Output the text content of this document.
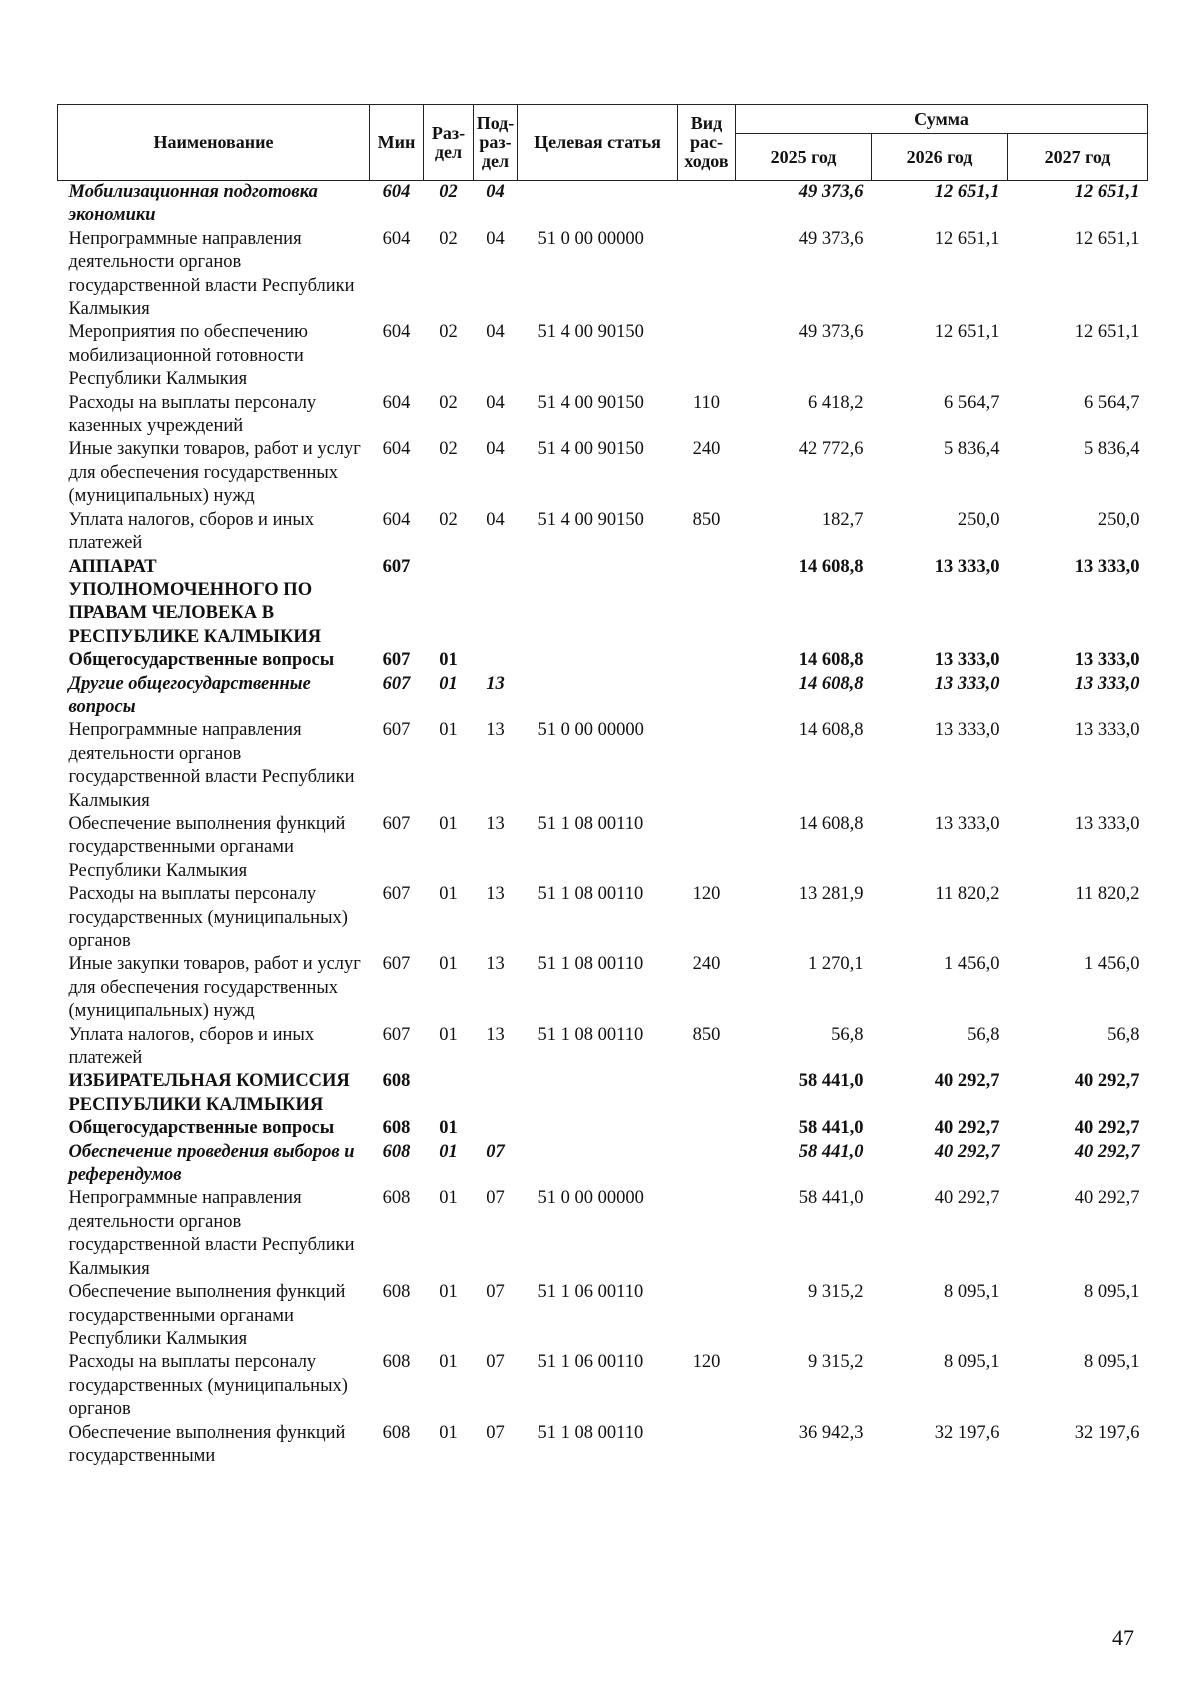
Наименование	Мин	Раз-дел	Под-раз-дел	Целевая статья	Вид рас-ходов	Сумма		
						2025 год	2026 год	2027 год
Мобилизационная подготовка экономики	604	02	04			49 373,6	12 651,1	12 651,1
Непрограммные направления деятельности органов государственной власти Республики Калмыкия	604	02	04	51 0 00 00000		49 373,6	12 651,1	12 651,1
Мероприятия по обеспечению мобилизационной готовности Республики Калмыкия	604	02	04	51 4 00 90150		49 373,6	12 651,1	12 651,1
Расходы на выплаты персоналу казенных учреждений	604	02	04	51 4 00 90150	110	6 418,2	6 564,7	6 564,7
Иные закупки товаров, работ и услуг для обеспечения государственных (муниципальных) нужд	604	02	04	51 4 00 90150	240	42 772,6	5 836,4	5 836,4
Уплата налогов, сборов и иных платежей	604	02	04	51 4 00 90150	850	182,7	250,0	250,0
АППАРАТ УПОЛНОМОЧЕННОГО ПО ПРАВАМ ЧЕЛОВЕКА В РЕСПУБЛИКЕ КАЛМЫКИЯ	607					14 608,8	13 333,0	13 333,0
Общегосударственные вопросы	607	01				14 608,8	13 333,0	13 333,0
Другие общегосударственные вопросы	607	01	13			14 608,8	13 333,0	13 333,0
Непрограммные направления деятельности органов государственной власти Республики Калмыкия	607	01	13	51 0 00 00000		14 608,8	13 333,0	13 333,0
Обеспечение выполнения функций государственными органами Республики Калмыкия	607	01	13	51 1 08 00110		14 608,8	13 333,0	13 333,0
Расходы на выплаты персоналу государственных (муниципальных) органов	607	01	13	51 1 08 00110	120	13 281,9	11 820,2	11 820,2
Иные закупки товаров, работ и услуг для обеспечения государственных (муниципальных) нужд	607	01	13	51 1 08 00110	240	1 270,1	1 456,0	1 456,0
Уплата налогов, сборов и иных платежей	607	01	13	51 1 08 00110	850	56,8	56,8	56,8
ИЗБИРАТЕЛЬНАЯ КОМИССИЯ РЕСПУБЛИКИ КАЛМЫКИЯ	608					58 441,0	40 292,7	40 292,7
Общегосударственные вопросы	608	01				58 441,0	40 292,7	40 292,7
Обеспечение проведения выборов и референдумов	608	01	07			58 441,0	40 292,7	40 292,7
Непрограммные направления деятельности органов государственной власти Республики Калмыкия	608	01	07	51 0 00 00000		58 441,0	40 292,7	40 292,7
Обеспечение выполнения функций государственными органами Республики Калмыкия	608	01	07	51 1 06 00110		9 315,2	8 095,1	8 095,1
Расходы на выплаты персоналу государственных (муниципальных) органов	608	01	07	51 1 06 00110	120	9 315,2	8 095,1	8 095,1
Обеспечение выполнения функций государственными	608	01	07	51 1 08 00110		36 942,3	32 197,6	32 197,6
47
